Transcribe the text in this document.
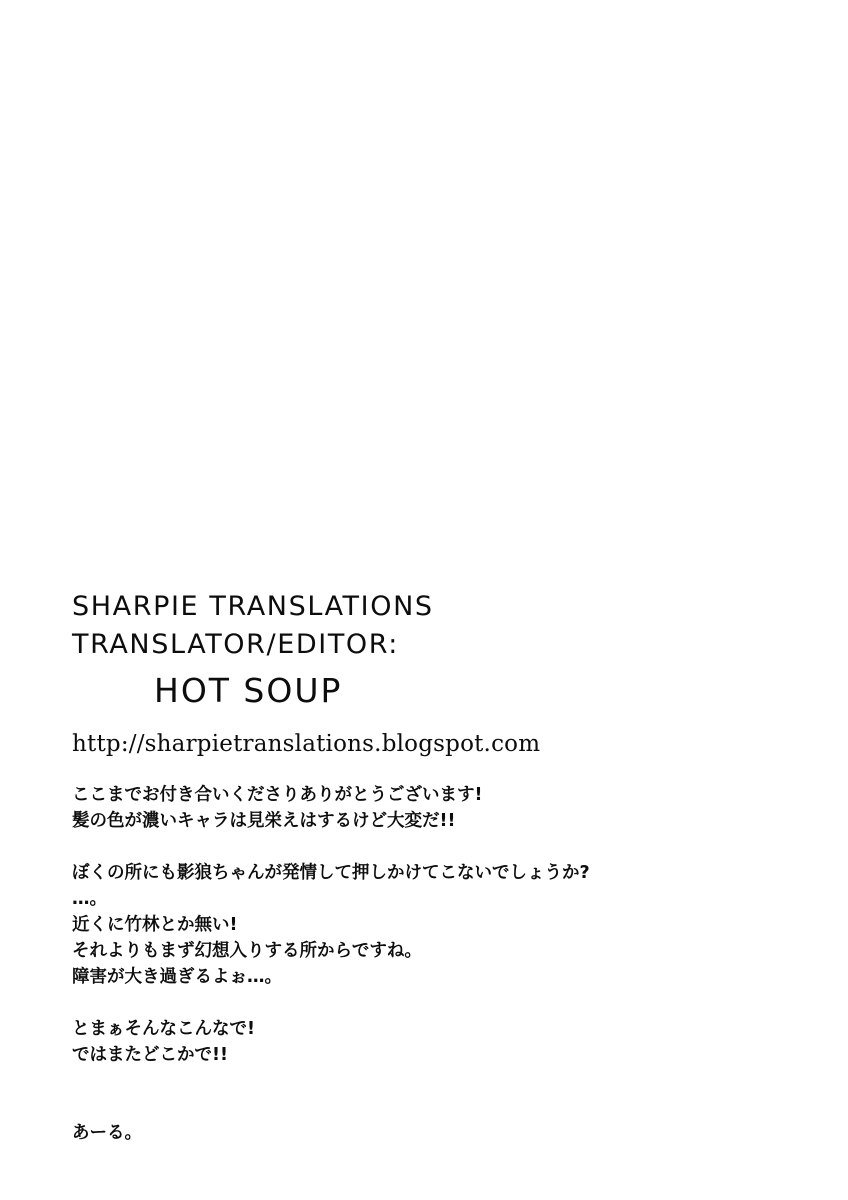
SHARPIE TRANSLATIONS
TRANSLATOR/EDITOR:
HOT SOUP
http://sharpietranslations.blogspot.com
ここまでお付き合いくださりありがとうございます!
髪の色が濃いキャラは見栄えはするけど大変だ!!
ぼくの所にも影狼ちゃんが発情して押しかけてこないでしょうか?
…。
近くに竹林とか無い!
それよりもまず幻想入りする所からですね。
障害が大き過ぎるよぉ…。
とまぁそんなこんなで!
ではまたどこかで!!
あーる。
